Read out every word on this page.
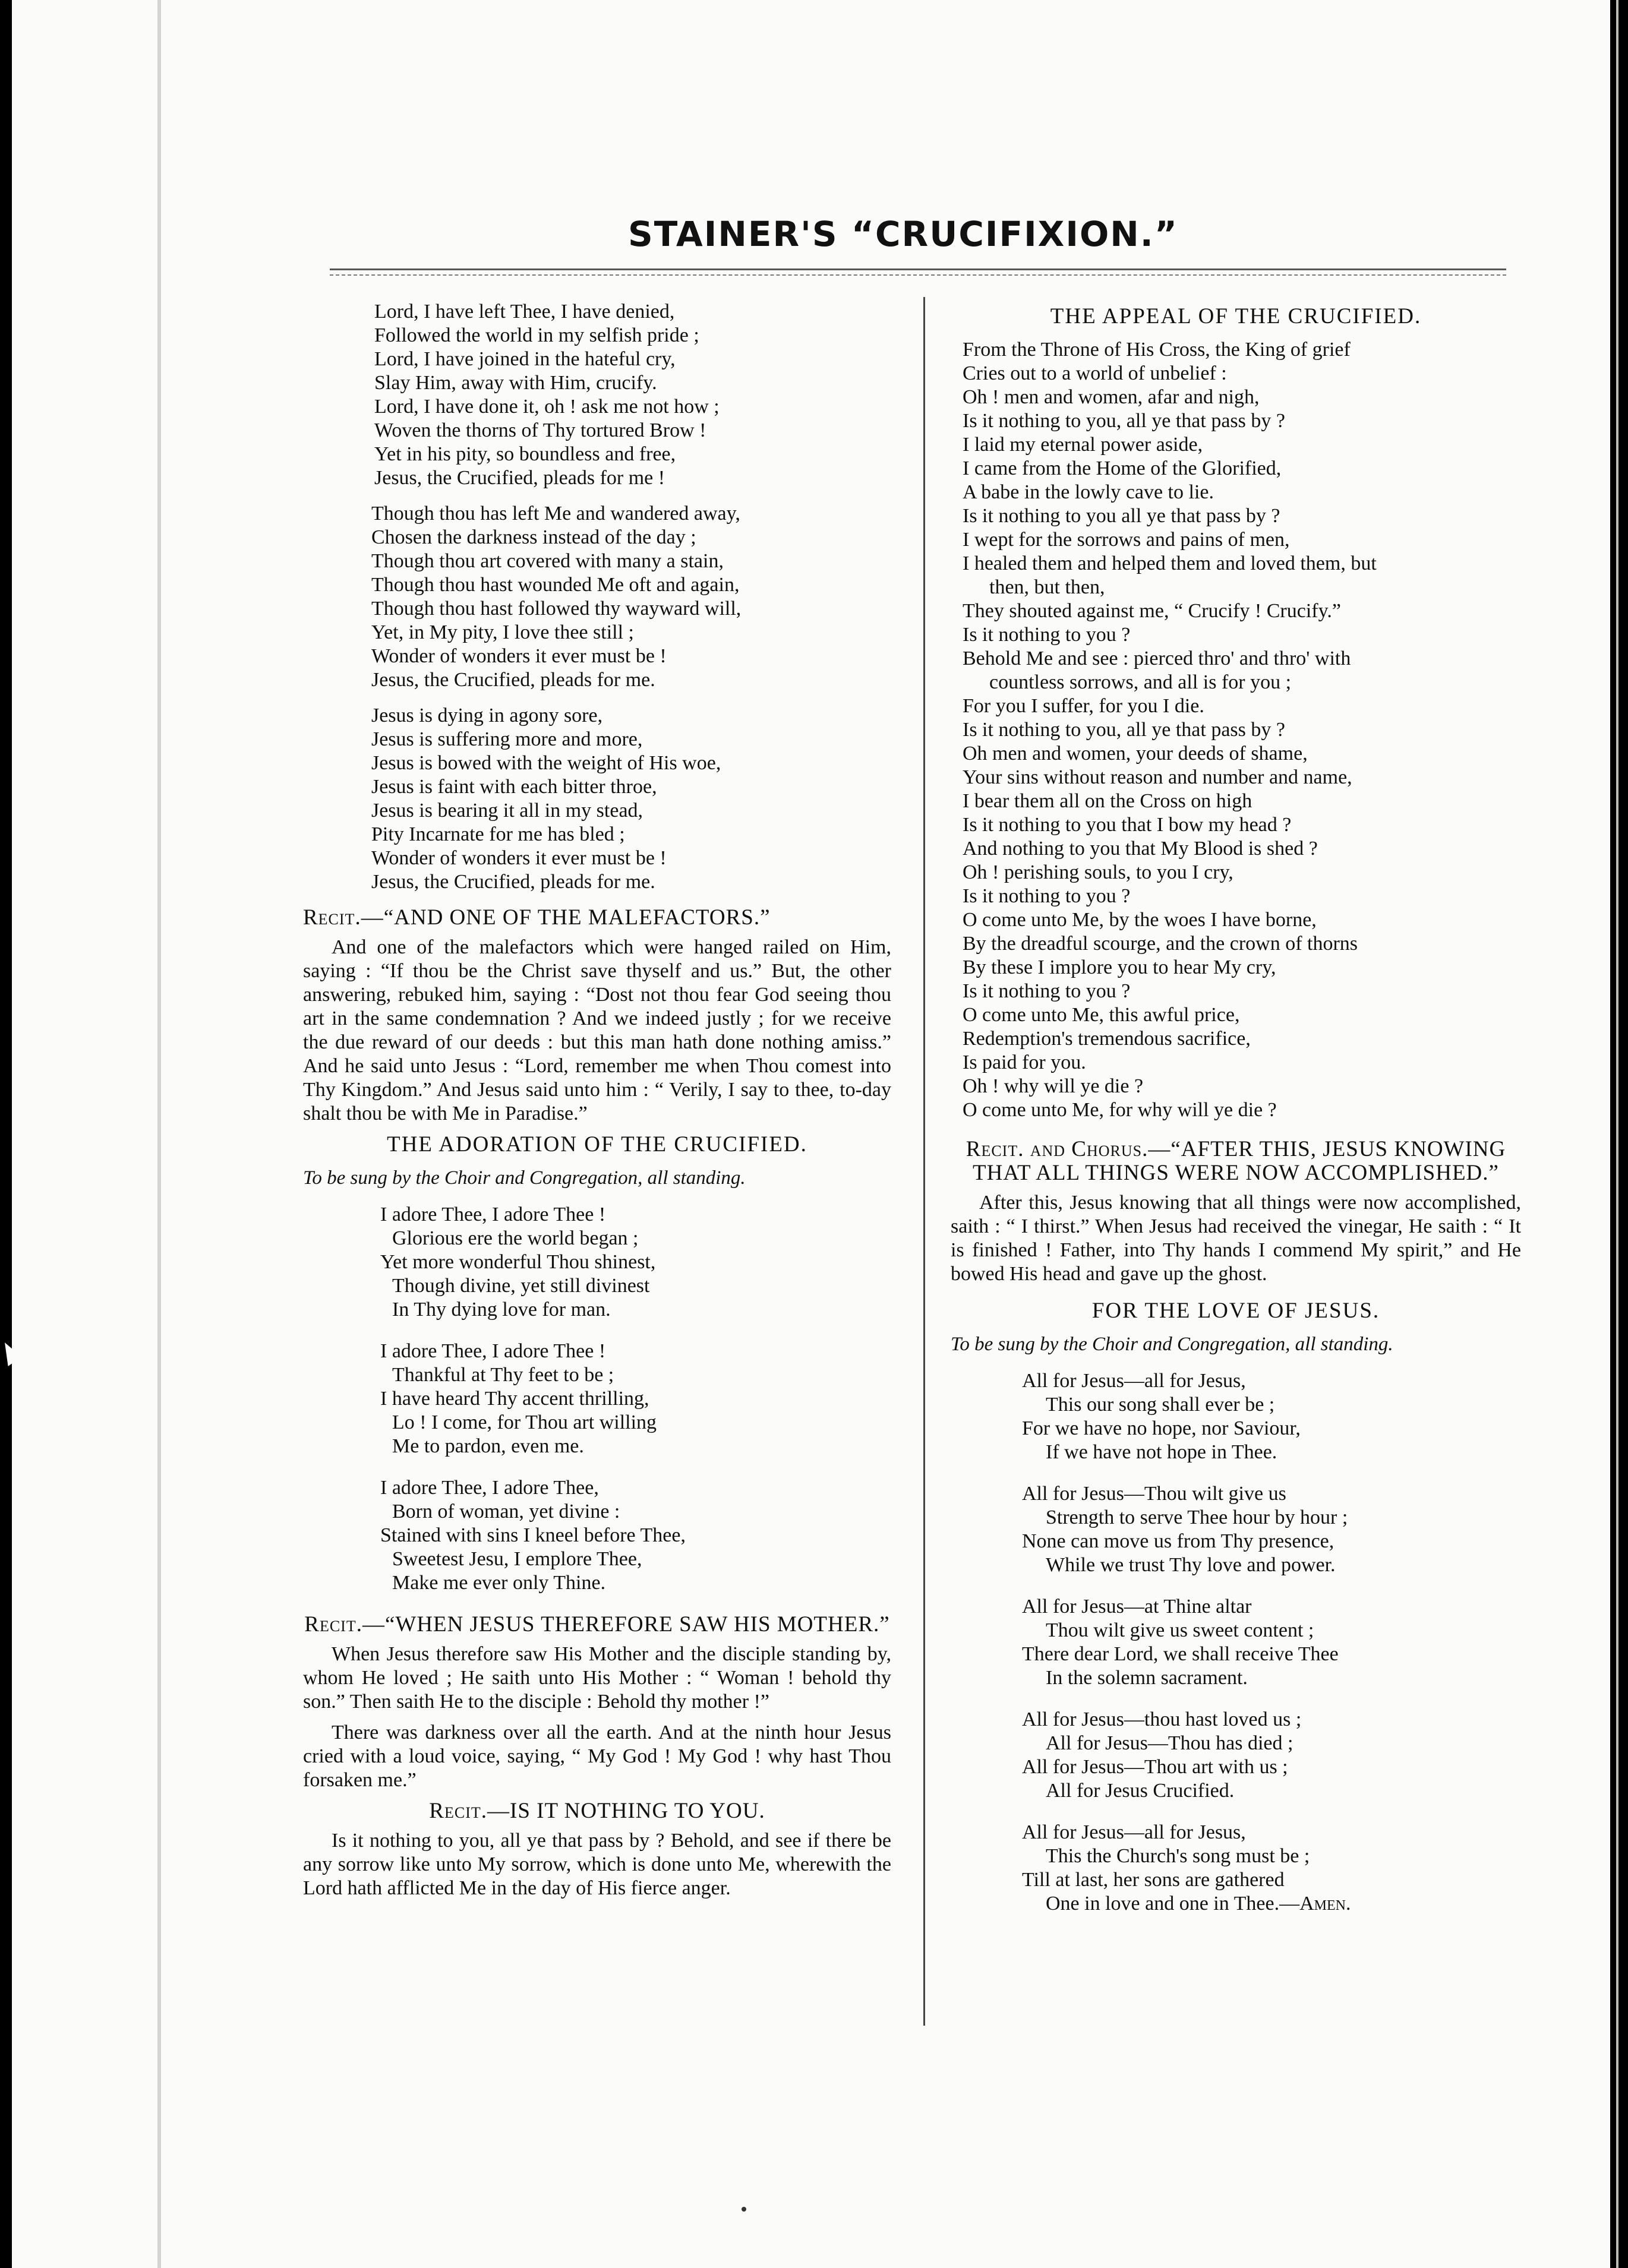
STAINER'S “CRUCIFIXION.”
Lord, I have left Thee, I have denied,
Followed the world in my selfish pride ;
Lord, I have joined in the hateful cry,
Slay Him, away with Him, crucify.
Lord, I have done it, oh ! ask me not how ;
Woven the thorns of Thy tortured Brow !
Yet in his pity, so boundless and free,
Jesus, the Crucified, pleads for me !
Though thou has left Me and wandered away,
Chosen the darkness instead of the day ;
Though thou art covered with many a stain,
Though thou hast wounded Me oft and again,
Though thou hast followed thy wayward will,
Yet, in My pity, I love thee still ;
Wonder of wonders it ever must be !
Jesus, the Crucified, pleads for me.
Jesus is dying in agony sore,
Jesus is suffering more and more,
Jesus is bowed with the weight of His woe,
Jesus is faint with each bitter throe,
Jesus is bearing it all in my stead,
Pity Incarnate for me has bled ;
Wonder of wonders it ever must be !
Jesus, the Crucified, pleads for me.
Recit.—“AND ONE OF THE MALEFACTORS.”
And one of the malefactors which were hanged railed on Him, saying : “If thou be the Christ save thyself and us.” But, the other answering, rebuked him, saying : “Dost not thou fear God seeing thou art in the same condemnation ? And we indeed justly ; for we receive the due reward of our deeds : but this man hath done nothing amiss.” And he said unto Jesus : “Lord, remember me when Thou comest into Thy Kingdom.” And Jesus said unto him : “ Verily, I say to thee, to-day shalt thou be with Me in Paradise.”
THE ADORATION OF THE CRUCIFIED.
To be sung by the Choir and Congregation, all standing.
I adore Thee, I adore Thee !
Glorious ere the world began ;
Yet more wonderful Thou shinest,
Though divine, yet still divinest
In Thy dying love for man.
I adore Thee, I adore Thee !
Thankful at Thy feet to be ;
I have heard Thy accent thrilling,
Lo ! I come, for Thou art willing
Me to pardon, even me.
I adore Thee, I adore Thee,
Born of woman, yet divine :
Stained with sins I kneel before Thee,
Sweetest Jesu, I emplore Thee,
Make me ever only Thine.
Recit.—“WHEN JESUS THEREFORE SAW HIS MOTHER.”
When Jesus therefore saw His Mother and the disciple standing by, whom He loved ; He saith unto His Mother : “ Woman ! behold thy son.” Then saith He to the disciple : Behold thy mother !”
There was darkness over all the earth. And at the ninth hour Jesus cried with a loud voice, saying, “ My God ! My God ! why hast Thou forsaken me.”
Recit.—IS IT NOTHING TO YOU.
Is it nothing to you, all ye that pass by ? Behold, and see if there be any sorrow like unto My sorrow, which is done unto Me, wherewith the Lord hath afflicted Me in the day of His fierce anger.
THE APPEAL OF THE CRUCIFIED.
From the Throne of His Cross, the King of grief
Cries out to a world of unbelief :
Oh ! men and women, afar and nigh,
Is it nothing to you, all ye that pass by ?
I laid my eternal power aside,
I came from the Home of the Glorified,
A babe in the lowly cave to lie.
Is it nothing to you all ye that pass by ?
I wept for the sorrows and pains of men,
I healed them and helped them and loved them, but
then, but then,
They shouted against me, “ Crucify ! Crucify.”
Is it nothing to you ?
Behold Me and see : pierced thro' and thro' with
countless sorrows, and all is for you ;
For you I suffer, for you I die.
Is it nothing to you, all ye that pass by ?
Oh men and women, your deeds of shame,
Your sins without reason and number and name,
I bear them all on the Cross on high
Is it nothing to you that I bow my head ?
And nothing to you that My Blood is shed ?
Oh ! perishing souls, to you I cry,
Is it nothing to you ?
O come unto Me, by the woes I have borne,
By the dreadful scourge, and the crown of thorns
By these I implore you to hear My cry,
Is it nothing to you ?
O come unto Me, this awful price,
Redemption's tremendous sacrifice,
Is paid for you.
Oh ! why will ye die ?
O come unto Me, for why will ye die ?
Recit. and Chorus.—“AFTER THIS, JESUS KNOWING THAT ALL THINGS WERE NOW ACCOMPLISHED.”
After this, Jesus knowing that all things were now accomplished, saith : “ I thirst.” When Jesus had received the vinegar, He saith : “ It is finished ! Father, into Thy hands I commend My spirit,” and He bowed His head and gave up the ghost.
FOR THE LOVE OF JESUS.
To be sung by the Choir and Congregation, all standing.
All for Jesus—all for Jesus,
This our song shall ever be ;
For we have no hope, nor Saviour,
If we have not hope in Thee.
All for Jesus—Thou wilt give us
Strength to serve Thee hour by hour ;
None can move us from Thy presence,
While we trust Thy love and power.
All for Jesus—at Thine altar
Thou wilt give us sweet content ;
There dear Lord, we shall receive Thee
In the solemn sacrament.
All for Jesus—thou hast loved us ;
All for Jesus—Thou has died ;
All for Jesus—Thou art with us ;
All for Jesus Crucified.
All for Jesus—all for Jesus,
This the Church's song must be ;
Till at last, her sons are gathered
One in love and one in Thee.—Amen.
